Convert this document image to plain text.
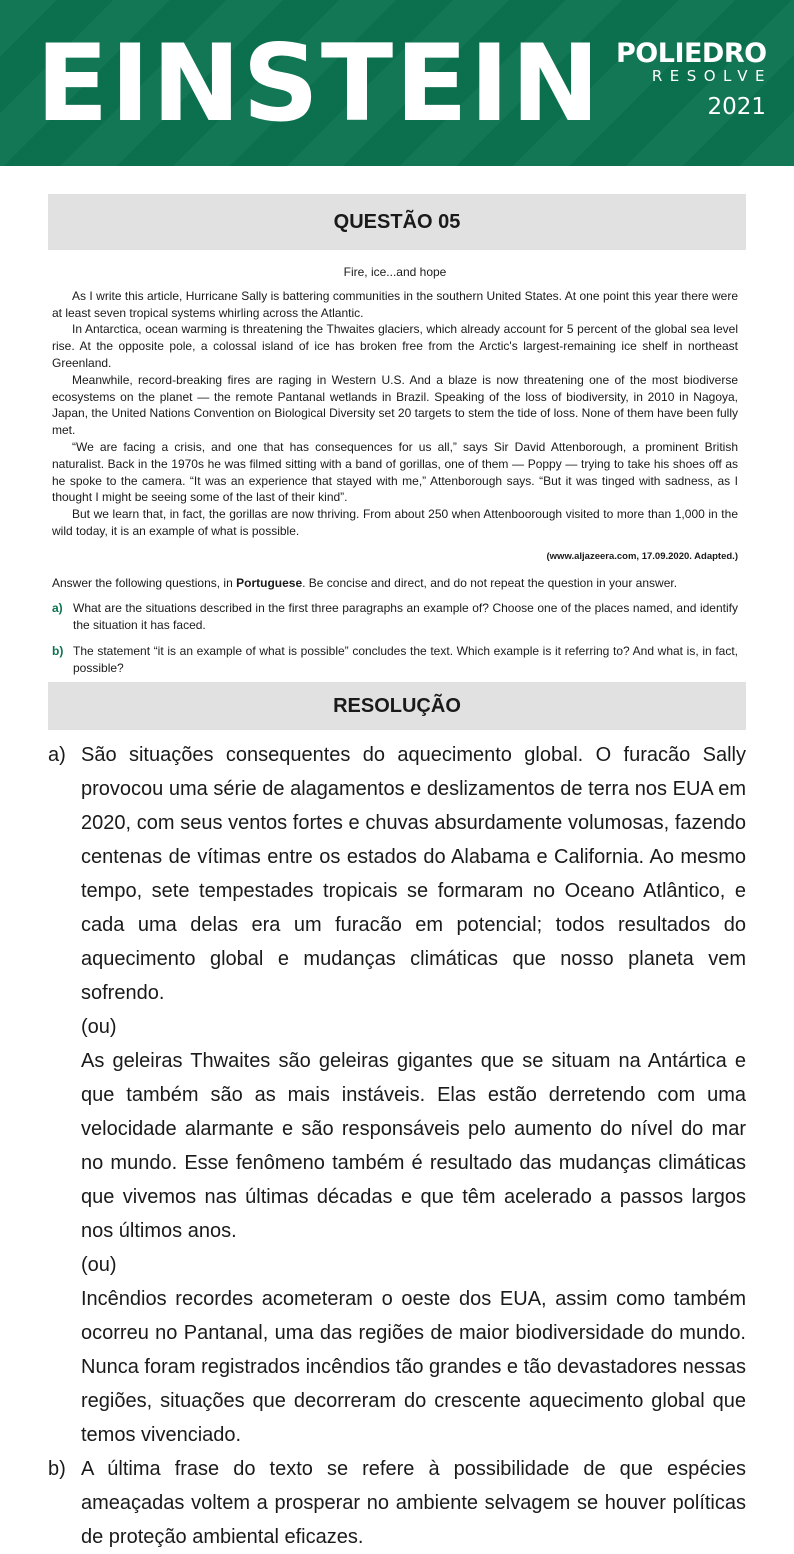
EINSTEIN POLIEDRO
RESOLVE
2021
QUESTÃO 05
Fire, ice...and hope

As I write this article, Hurricane Sally is battering communities in the southern United States. At one point this year there were at least seven tropical systems whirling across the Atlantic.

In Antarctica, ocean warming is threatening the Thwaites glaciers, which already account for 5 percent of the global sea level rise. At the opposite pole, a colossal island of ice has broken free from the Arctic's largest-remaining ice shelf in northeast Greenland.

Meanwhile, record-breaking fires are raging in Western U.S. And a blaze is now threatening one of the most biodiverse ecosystems on the planet — the remote Pantanal wetlands in Brazil. Speaking of the loss of biodiversity, in 2010 in Nagoya, Japan, the United Nations Convention on Biological Diversity set 20 targets to stem the tide of loss. None of them have been fully met.

“We are facing a crisis, and one that has consequences for us all,” says Sir David Attenborough, a prominent British naturalist. Back in the 1970s he was filmed sitting with a band of gorillas, one of them — Poppy — trying to take his shoes off as he spoke to the camera. “It was an experience that stayed with me,” Attenborough says. “But it was tinged with sadness, as I thought I might be seeing some of the last of their kind”.

But we learn that, in fact, the gorillas are now thriving. From about 250 when Attenboorough visited to more than 1,000 in the wild today, it is an example of what is possible.

(www.aljazeera.com, 17.09.2020. Adapted.)
Answer the following questions, in Portuguese. Be concise and direct, and do not repeat the question in your answer.
a) What are the situations described in the first three paragraphs an example of? Choose one of the places named, and identify the situation it has faced.
b) The statement “it is an example of what is possible” concludes the text. Which example is it referring to? And what is, in fact, possible?
RESOLUÇÃO
a) São situações consequentes do aquecimento global. O furacão Sally provocou uma série de alagamentos e deslizamentos de terra nos EUA em 2020, com seus ventos fortes e chuvas absurdamente volumosas, fazendo centenas de vítimas entre os estados do Alabama e California. Ao mesmo tempo, sete tempestades tropicais se formaram no Oceano Atlântico, e cada uma delas era um furacão em potencial; todos resultados do aquecimento global e mudanças climáticas que nosso planeta vem sofrendo.

(ou)

As geleiras Thwaites são geleiras gigantes que se situam na Antártica e que também são as mais instáveis. Elas estão derretendo com uma velocidade alarmante e são responsáveis pelo aumento do nível do mar no mundo. Esse fenômeno também é resultado das mudanças climáticas que vivemos nas últimas décadas e que têm acelerado a passos largos nos últimos anos.

(ou)

Incêndios recordes acometeram o oeste dos EUA, assim como também ocorreu no Pantanal, uma das regiões de maior biodiversidade do mundo. Nunca foram registrados incêndios tão grandes e tão devastadores nessas regiões, situações que decorreram do crescente aquecimento global que temos vivenciado.

b) A última frase do texto se refere à possibilidade de que espécies ameaçadas voltem a prosperar no ambiente selvagem se houver políticas de proteção ambiental eficazes.
